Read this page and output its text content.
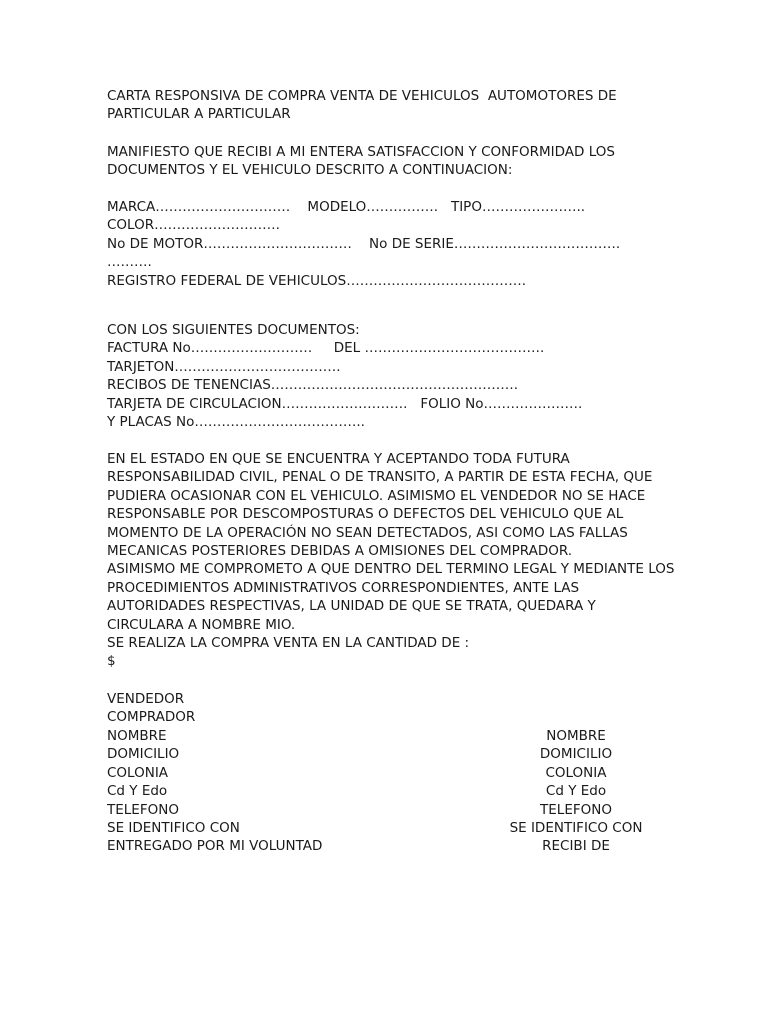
CARTA RESPONSIVA DE COMPRA VENTA DE VEHICULOS  AUTOMOTORES DE
PARTICULAR A PARTICULAR
MANIFIESTO QUE RECIBI A MI ENTERA SATISFACCION Y CONFORMIDAD LOS
DOCUMENTOS Y EL VEHICULO DESCRITO A CONTINUACION:
MARCA…………………………    MODELO…………….   TIPO…………………..
COLOR……………………….
No DE MOTOR……………………………    No DE SERIE……………………………….
……….
REGISTRO FEDERAL DE VEHICULOS………………………………….
CON LOS SIGUIENTES DOCUMENTOS:
FACTURA No………………………     DEL ………………………………….
TARJETON……………………………….
RECIBOS DE TENENCIAS……………………………………………….
TARJETA DE CIRCULACION……………………….   FOLIO No………………….
Y PLACAS No………………………………..
EN EL ESTADO EN QUE SE ENCUENTRA Y ACEPTANDO TODA FUTURA
RESPONSABILIDAD CIVIL, PENAL O DE TRANSITO, A PARTIR DE ESTA FECHA, QUE
PUDIERA OCASIONAR CON EL VEHICULO. ASIMISMO EL VENDEDOR NO SE HACE
RESPONSABLE POR DESCOMPOSTURAS O DEFECTOS DEL VEHICULO QUE AL
MOMENTO DE LA OPERACIÓN NO SEAN DETECTADOS, ASI COMO LAS FALLAS
MECANICAS POSTERIORES DEBIDAS A OMISIONES DEL COMPRADOR.
ASIMISMO ME COMPROMETO A QUE DENTRO DEL TERMINO LEGAL Y MEDIANTE LOS
PROCEDIMIENTOS ADMINISTRATIVOS CORRESPONDIENTES, ANTE LAS
AUTORIDADES RESPECTIVAS, LA UNIDAD DE QUE SE TRATA, QUEDARA Y
CIRCULARA A NOMBRE MIO.
SE REALIZA LA COMPRA VENTA EN LA CANTIDAD DE :
$
VENDEDOR
COMPRADOR
NOMBRE
DOMICILIO
COLONIA
Cd Y Edo
TELEFONO
SE IDENTIFICO CON
ENTREGADO POR MI VOLUNTAD
NOMBRE
DOMICILIO
COLONIA
Cd Y Edo
TELEFONO
SE IDENTIFICO CON
RECIBI DE
